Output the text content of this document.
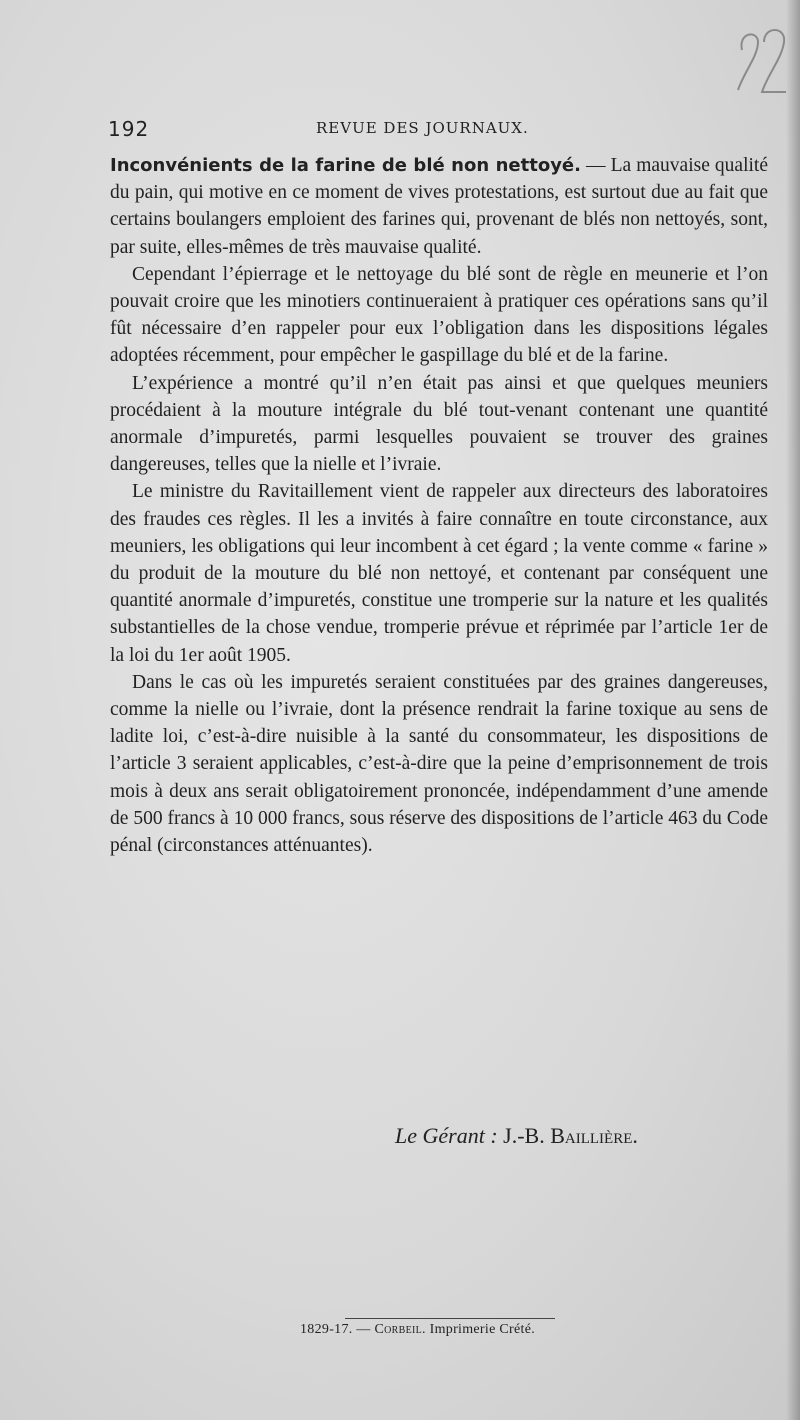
192	REVUE DES JOURNAUX.

Inconvénients de la farine de blé non nettoyé. — La mauvaise qualité du pain, qui motive en ce moment de vives protestations, est surtout due au fait que certains boulangers emploient des farines qui, provenant de blés non nettoyés, sont, par suite, elles-mêmes de très mauvaise qualité.

Cependant l’épierrage et le nettoyage du blé sont de règle en meunerie et l’on pouvait croire que les minotiers continueraient à pratiquer ces opérations sans qu’il fût nécessaire d’en rappeler pour eux l’obligation dans les dispositions légales adoptées récemment, pour empêcher le gaspillage du blé et de la farine.

L’expérience a montré qu’il n’en était pas ainsi et que quelques meuniers procédaient à la mouture intégrale du blé tout-venant contenant une quantité anormale d’impuretés, parmi lesquelles pouvaient se trouver des graines dangereuses, telles que la nielle et l’ivraie.

Le ministre du Ravitaillement vient de rappeler aux directeurs des laboratoires des fraudes ces règles. Il les a invités à faire connaître en toute circonstance, aux meuniers, les obligations qui leur incombent à cet égard ; la vente comme « farine » du produit de la mouture du blé non nettoyé, et contenant par conséquent une quantité anormale d’impuretés, constitue une tromperie sur la nature et les qualités substantielles de la chose vendue, tromperie prévue et réprimée par l’article 1er de la loi du 1er août 1905.

Dans le cas où les impuretés seraient constituées par des graines dangereuses, comme la nielle ou l’ivraie, dont la présence rendrait la farine toxique au sens de ladite loi, c’est-à-dire nuisible à la santé du consommateur, les dispositions de l’article 3 seraient applicables, c’est-à-dire que la peine d’emprisonnement de trois mois à deux ans serait obligatoirement prononcée, indépendamment d’une amende de 500 francs à 10 000 francs, sous réserve des dispositions de l’article 463 du Code pénal (circonstances atténuantes).

Le Gérant : J.-B. Baillière.
1829-17. — Corbeil. Imprimerie Crété.
